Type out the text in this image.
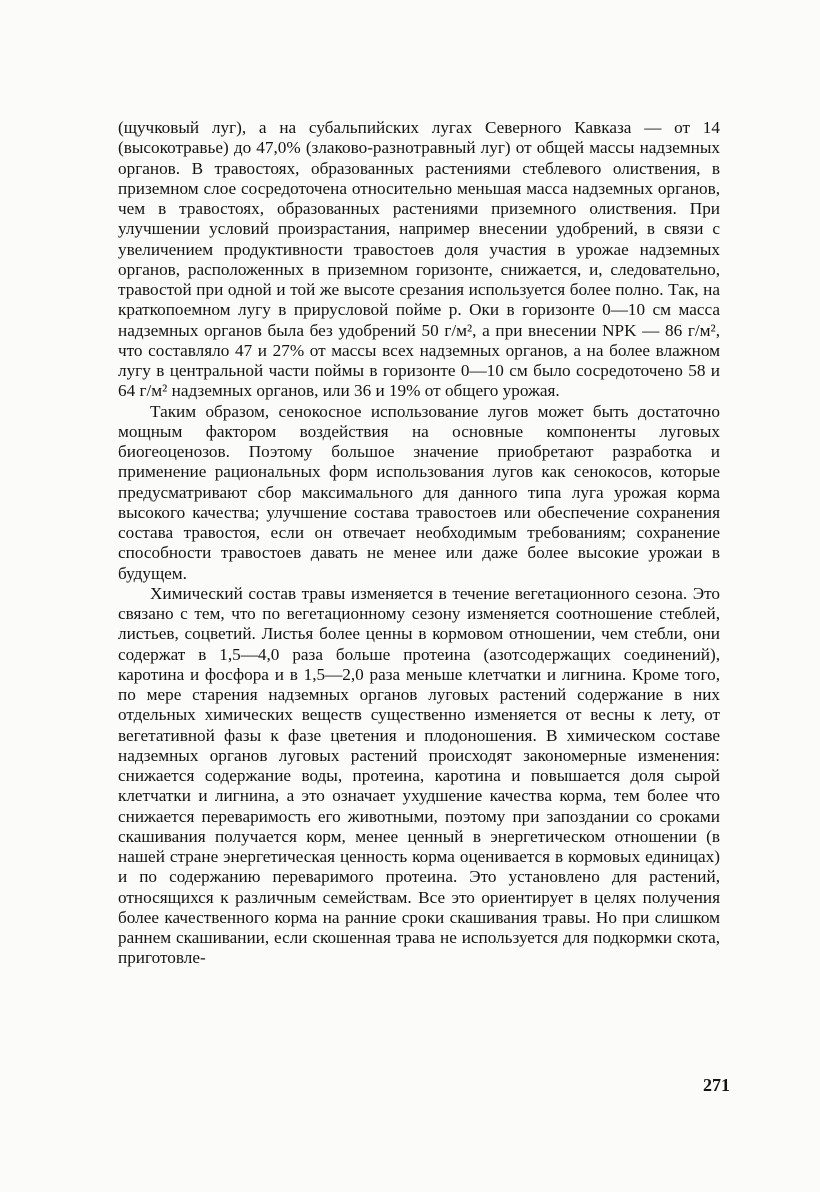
(щучковый луг), а на субальпийских лугах Северного Кавказа — от 14 (высокотравье) до 47,0% (злаково-разнотравный луг) от общей массы надземных органов. В травостоях, образованных растениями стеблевого олиствения, в приземном слое сосредоточена относительно меньшая масса надземных органов, чем в травостоях, образованных растениями приземного олиствения. При улучшении условий произрастания, например внесении удобрений, в связи с увеличением продуктивности травостоев доля участия в урожае надземных органов, расположенных в приземном горизонте, снижается, и, следовательно, травостой при одной и той же высоте срезания используется более полно. Так, на краткопоемном лугу в прирусловой пойме р. Оки в горизонте 0—10 см масса надземных органов была без удобрений 50 г/м², а при внесении NPK — 86 г/м², что составляло 47 и 27% от массы всех надземных органов, а на более влажном лугу в центральной части поймы в горизонте 0—10 см было сосредоточено 58 и 64 г/м² надземных органов, или 36 и 19% от общего урожая.

Таким образом, сенокосное использование лугов может быть достаточно мощным фактором воздействия на основные компоненты луговых биогеоценозов. Поэтому большое значение приобретают разработка и применение рациональных форм использования лугов как сенокосов, которые предусматривают сбор максимального для данного типа луга урожая корма высокого качества; улучшение состава травостоев или обеспечение сохранения состава травостоя, если он отвечает необходимым требованиям; сохранение способности травостоев давать не менее или даже более высокие урожаи в будущем.

Химический состав травы изменяется в течение вегетационного сезона. Это связано с тем, что по вегетационному сезону изменяется соотношение стеблей, листьев, соцветий. Листья более ценны в кормовом отношении, чем стебли, они содержат в 1,5—4,0 раза больше протеина (азотсодержащих соединений), каротина и фосфора и в 1,5—2,0 раза меньше клетчатки и лигнина. Кроме того, по мере старения надземных органов луговых растений содержание в них отдельных химических веществ существенно изменяется от весны к лету, от вегетативной фазы к фазе цветения и плодоношения. В химическом составе надземных органов луговых растений происходят закономерные изменения: снижается содержание воды, протеина, каротина и повышается доля сырой клетчатки и лигнина, а это означает ухудшение качества корма, тем более что снижается переваримость его животными, поэтому при запоздании со сроками скашивания получается корм, менее ценный в энергетическом отношении (в нашей стране энергетическая ценность корма оценивается в кормовых единицах) и по содержанию переваримого протеина. Это установлено для растений, относящихся к различным семействам. Все это ориентирует в целях получения более качественного корма на ранние сроки скашивания травы. Но при слишком раннем скашивании, если скошенная трава не используется для подкормки скота, приготовле-

271
